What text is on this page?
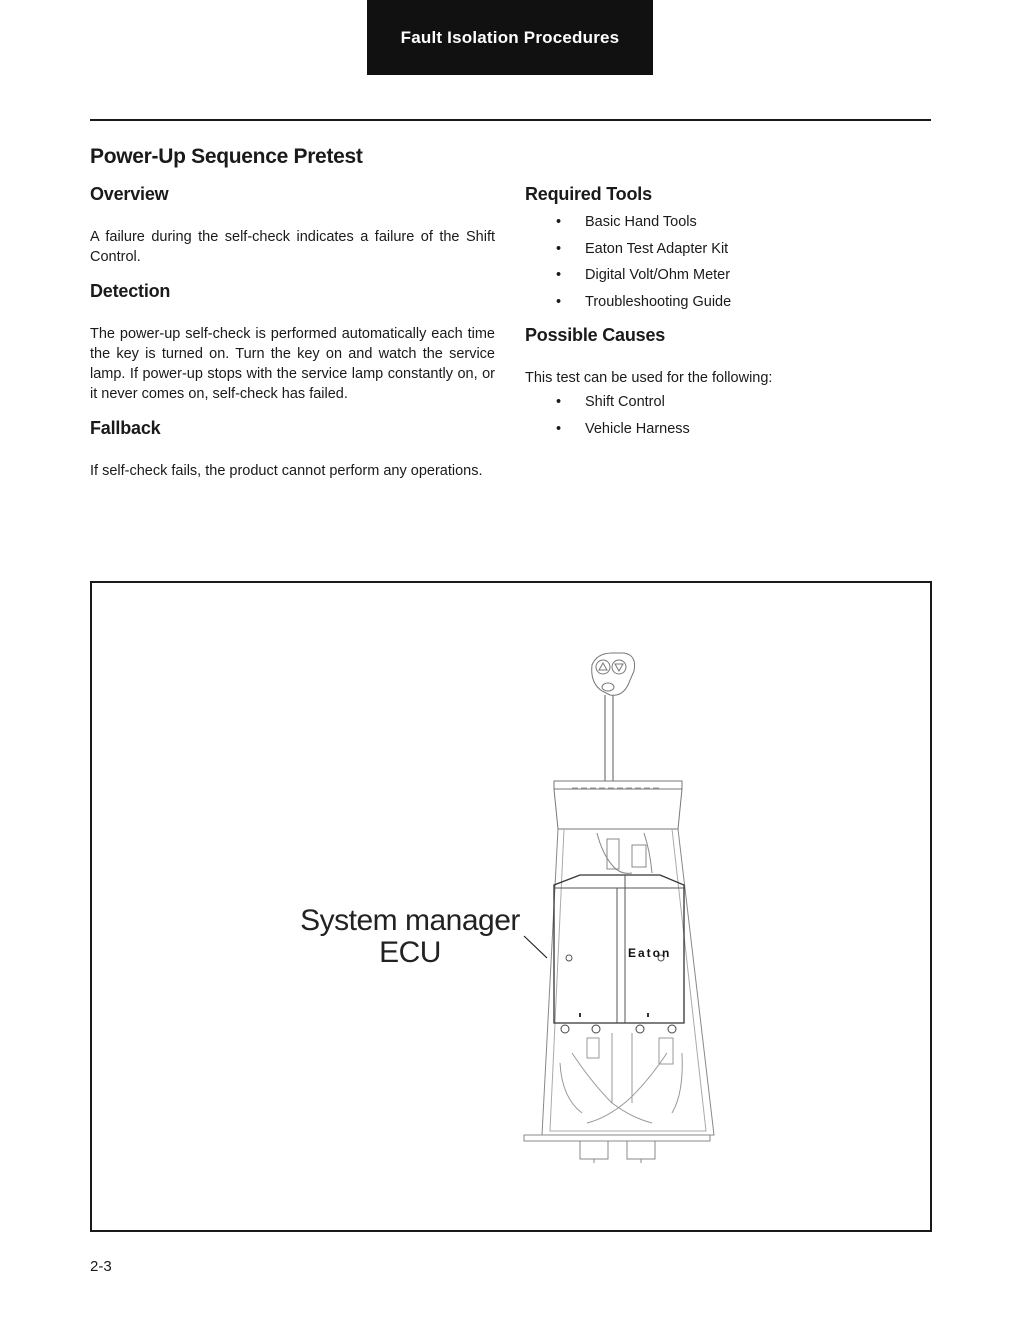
Fault Isolation Procedures
Power-Up Sequence Pretest
Overview

A failure during the self-check indicates a failure of the Shift Control.

Detection

The power-up self-check is performed automatically each time the key is turned on. Turn the key on and watch the service lamp. If power-up stops with the service lamp constantly on, or it never comes on, self-check has failed.

Fallback

If self-check fails, the product cannot perform any operations.

Required Tools
• Basic Hand Tools
• Eaton Test Adapter Kit
• Digital Volt/Ohm Meter
• Troubleshooting Guide
Possible Causes

This test can be used for the following:

• Shift Control
• Vehicle Harness
Eaton
System manager
ECU
2-3
